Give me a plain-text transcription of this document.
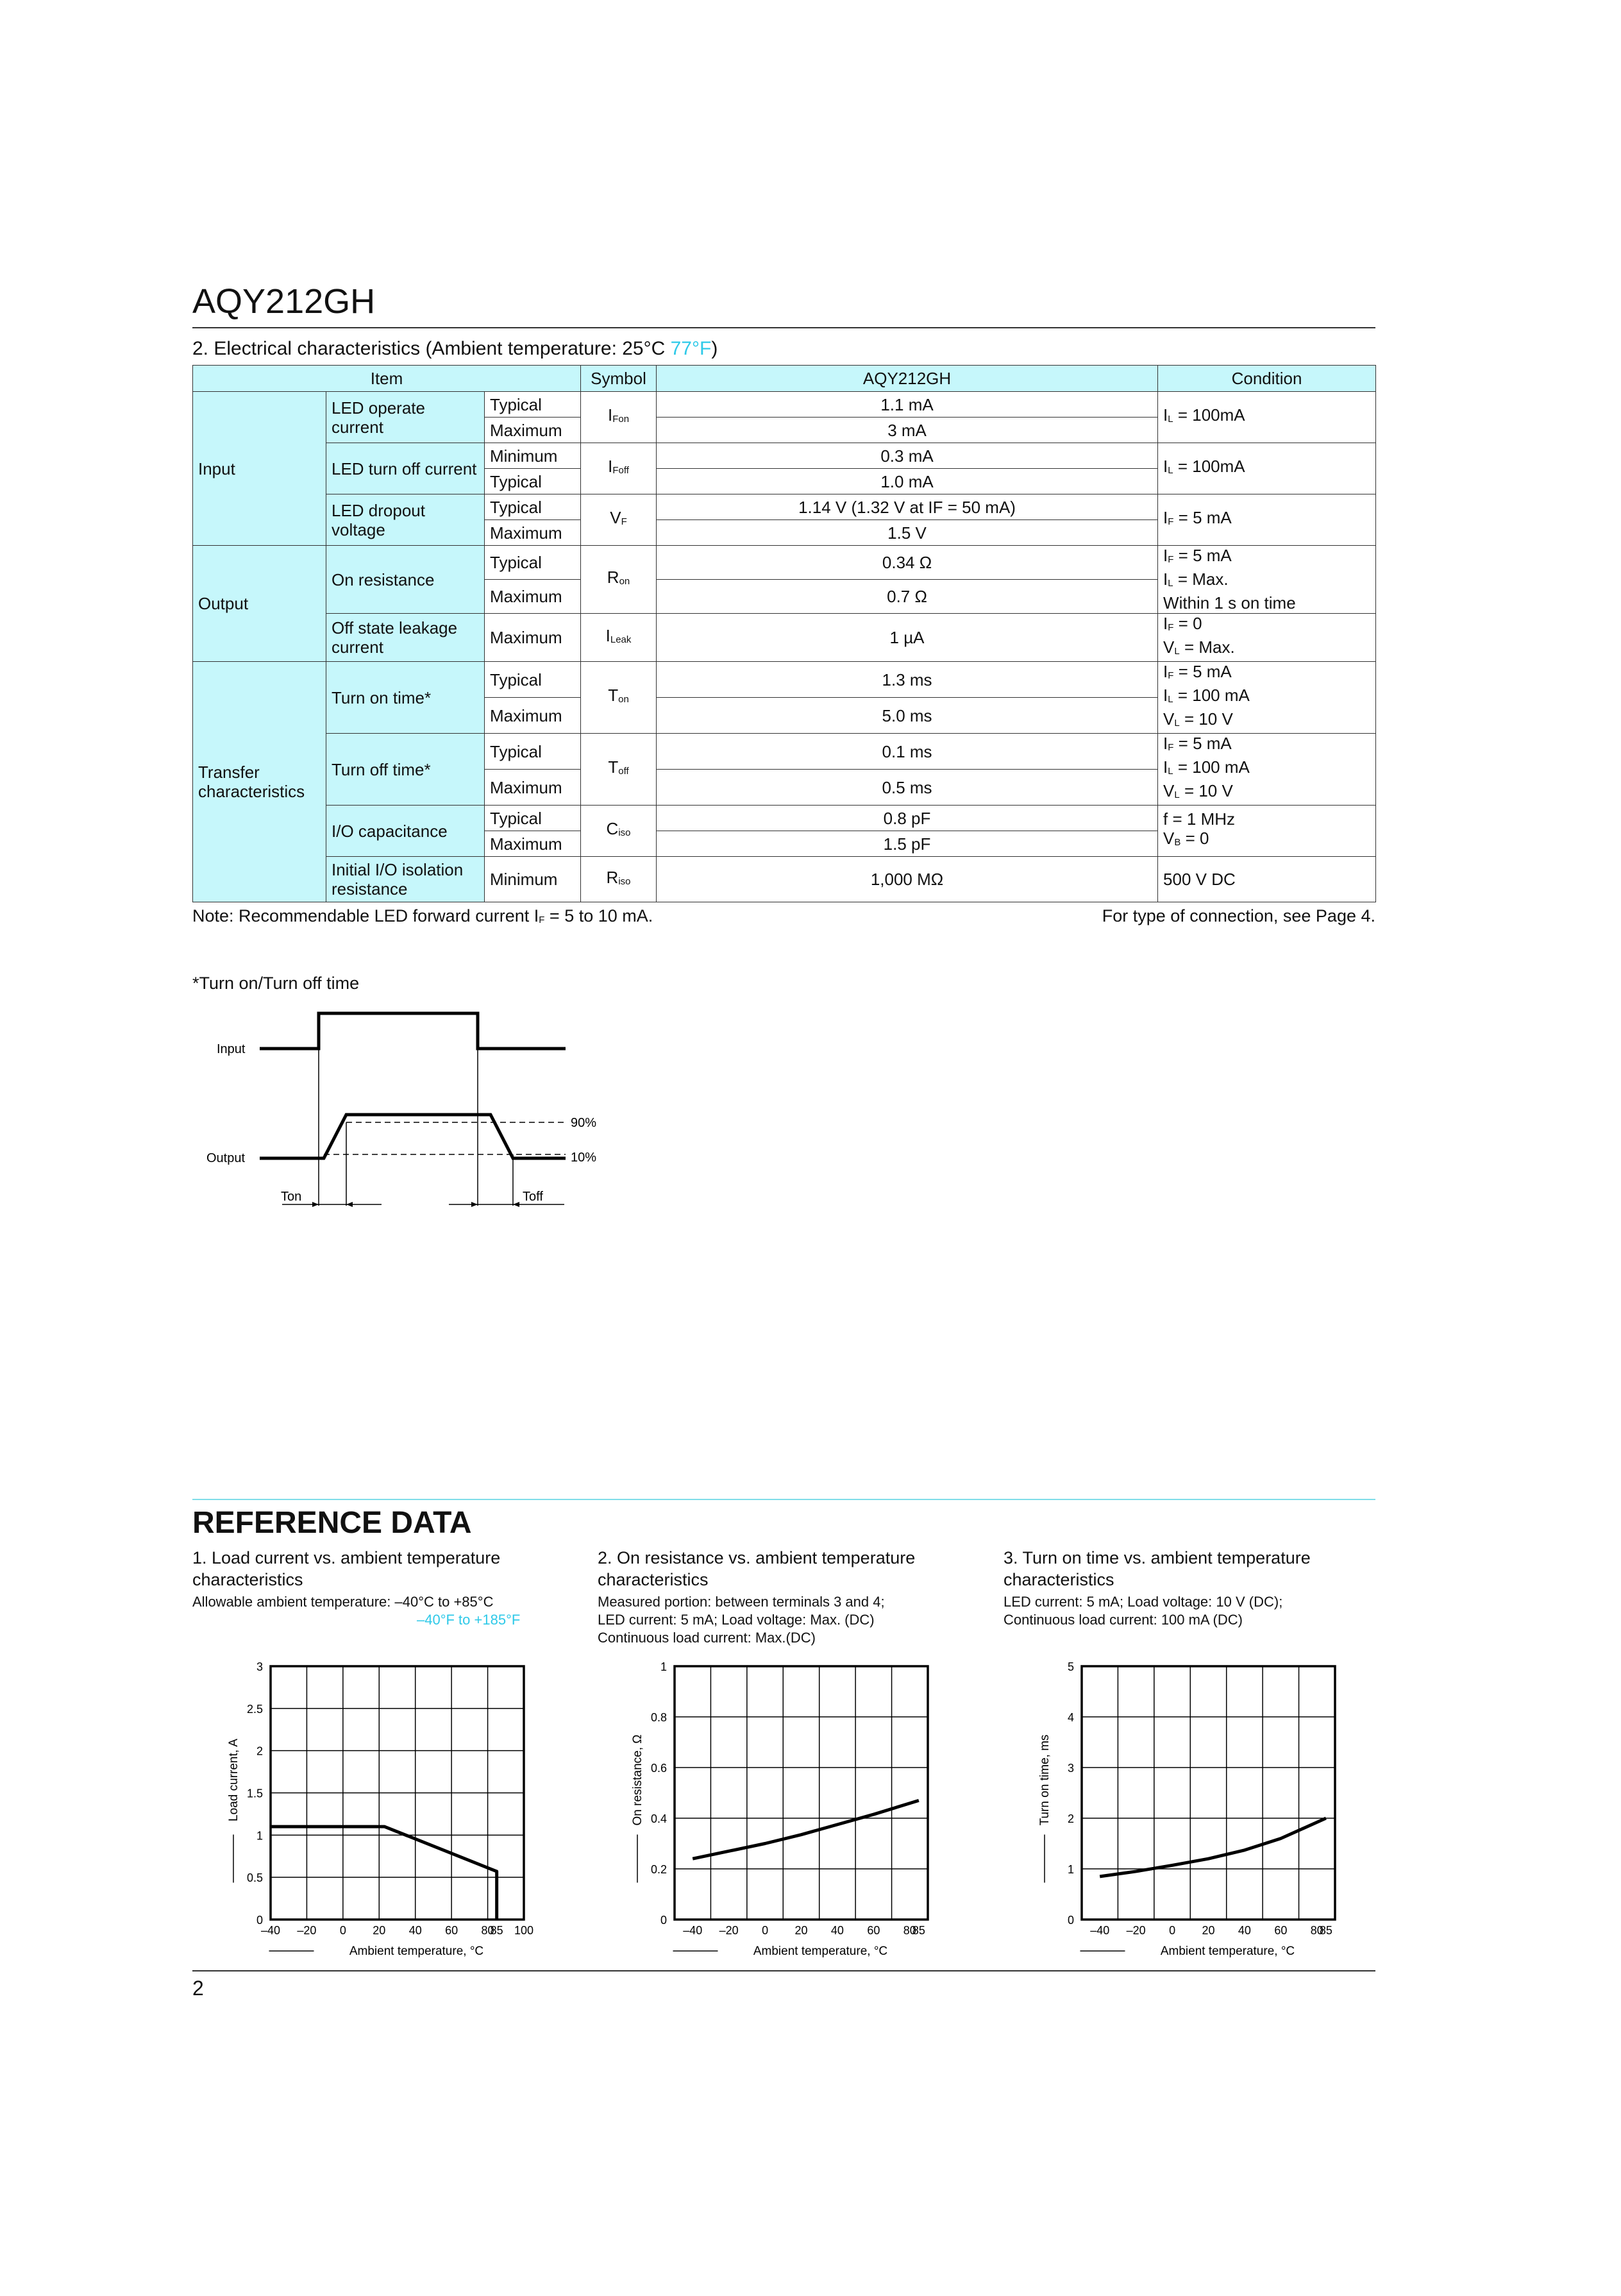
AQY212GH
2. Electrical characteristics (Ambient temperature: 25°C 77°F)
Item			Symbol	AQY212GH	Condition
Input	LED operate current	Typical	$I_{Fon}$	1.1 mA	$I_L = 100mA$
		Maximum		3 mA	
	LED turn off current	Minimum	$I_{Foff}$	0.3 mA	$I_L = 100mA$
		Typical		1.0 mA	
	LED dropout voltage	Typical	$V_F$	1.14 V (1.32 V at IF = 50 mA)	$I_F = 5$ mA
		Maximum		1.5 V	
Output	On resistance	Typical	$R_{on}$	0.34 Ω	$I_F = 5$ mA
$I_L$ = Max.
Within 1 s on time
		Maximum		0.7 Ω	
	Off state leakage current	Maximum	$I_{Leak}$	1 µA	$I_F = 0$
$V_L$ = Max.
Transfer characteristics	Turn on time*	Typical	$T_{on}$	1.3 ms	$I_F = 5$ mA
$I_L = 100$ mA
$V_L = 10$ V
		Maximum		5.0 ms	
	Turn off time*	Typical	$T_{off}$	0.1 ms	$I_F = 5$ mA
$I_L = 100$ mA
$V_L = 10$ V
		Maximum		0.5 ms	
	I/O capacitance	Typical	$C_{iso}$	0.8 pF	f = 1 MHz
$V_B = 0$
		Maximum		1.5 pF	
	Initial I/O isolation resistance	Minimum	$R_{iso}$	1,000 MΩ	500 V DC
Note: Recommendable LED forward current $I_F = 5$ to 10 mA.	For type of connection, see Page 4.
*Turn on/Turn off time
Input
Output
90%
10%
Ton	Toff
REFERENCE DATA
1. Load current vs. ambient temperature characteristics
Allowable ambient temperature: –40°C to +85°C
–40°F to +185°F
2. On resistance vs. ambient temperature characteristics
Measured portion: between terminals 3 and 4;
LED current: 5 mA; Load voltage: Max. (DC)
Continuous load current: Max.(DC)
3. Turn on time vs. ambient temperature characteristics
LED current: 5 mA; Load voltage: 10 V (DC);
Continuous load current: 100 mA (DC)
0
0.5
1
1.5
2
2.5
3
–40 –20 0 20 40 60 80
85 100
Ambient temperature, °C
Load current, A
0
0.2
0.4
0.6
0.8
1
–40 –20 0 20 40 60 80
85
Ambient temperature, °C
On resistance, Ω
0
1
2
3
4
5
–40 –20 0 20 40 60 80
85
Ambient temperature, °C
Turn on time, ms
2
